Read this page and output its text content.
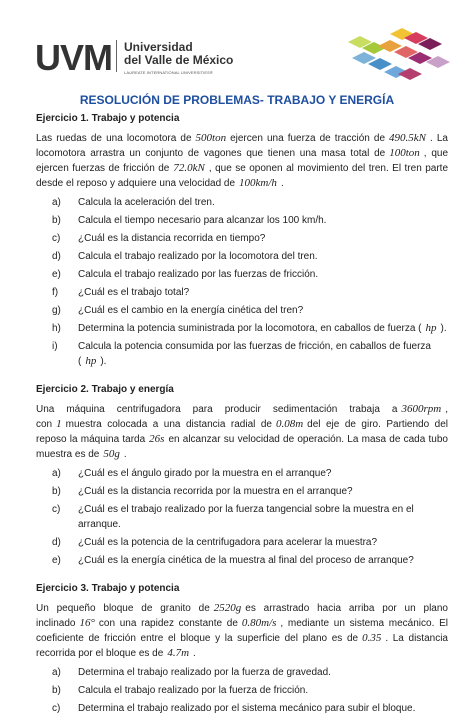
UVM Universidad
del Valle de México
LAUREATE INTERNATIONAL UNIVERSITIES®
RESOLUCIÓN DE PROBLEMAS- TRABAJO Y ENERGÍA
Ejercicio 1. Trabajo y potencia
Las ruedas de una locomotora de 500ton ejercen una fuerza de tracción de 490.5kN . La locomotora arrastra un conjunto de vagones que tienen una masa total de 100ton , que ejercen fuerzas de fricción de 72.0kN , que se oponen al movimiento del tren. El tren parte desde el reposo y adquiere una velocidad de 100km/h .
a)	Calcula la aceleración del tren.
b)	Calcula el tiempo necesario para alcanzar los 100 km/h.
c)	¿Cuál es la distancia recorrida en tiempo?
d)	Calcula el trabajo realizado por la locomotora del tren.
e)	Calcula el trabajo realizado por las fuerzas de fricción.
f)	¿Cuál es el trabajo total?
g)	¿Cuál es el cambio en la energía cinética del tren?
h)	Determina la potencia suministrada por la locomotora, en caballos de fuerza ( hp ).
i)	Calcula la potencia consumida por las fuerzas de fricción, en caballos de fuerza ( hp ).
Ejercicio 2. Trabajo y energía
Una máquina centrifugadora para producir sedimentación trabaja a 3600rpm , con 1 muestra colocada a una distancia radial de 0.08m del eje de giro. Partiendo del reposo la máquina tarda 26s en alcanzar su velocidad de operación. La masa de cada tubo muestra es de 50g .
a)	¿Cuál es el ángulo girado por la muestra en el arranque?
b)	¿Cuál es la distancia recorrida por la muestra en el arranque?
c)	¿Cuál es el trabajo realizado por la fuerza tangencial sobre la muestra en el arranque.
d)	¿Cuál es la potencia de la centrifugadora para acelerar la muestra?
e)	¿Cuál es la energía cinética de la muestra al final del proceso de arranque?
Ejercicio 3. Trabajo y potencia
Un pequeño bloque de granito de 2520g es arrastrado hacia arriba por un plano inclinado 16° con una rapidez constante de 0.80m/s , mediante un sistema mecánico. El coeficiente de fricción entre el bloque y la superficie del plano es de 0.35 . La distancia recorrida por el bloque es de 4.7m .
a)	Determina el trabajo realizado por la fuerza de gravedad.
b)	Calcula el trabajo realizado por la fuerza de fricción.
c)	Determina el trabajo realizado por el sistema mecánico para subir el bloque.
